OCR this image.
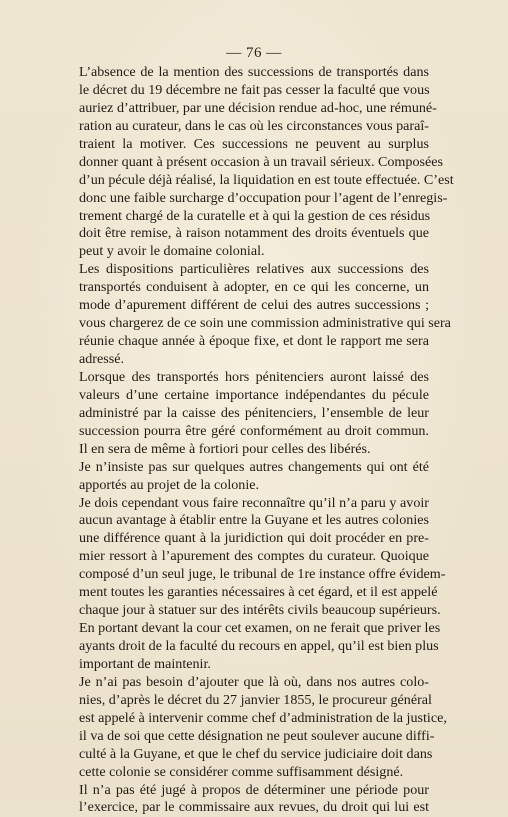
— 76 —
L’absence de la mention des successions de transportés dans
le décret du 19 décembre ne fait pas cesser la faculté que vous
auriez d’attribuer, par une décision rendue ad-hoc, une rémuné-
ration au curateur, dans le cas où les circonstances vous paraî-
traient la motiver. Ces successions ne peuvent au surplus
donner quant à présent occasion à un travail sérieux. Composées
d’un pécule déjà réalisé, la liquidation en est toute effectuée. C’est
donc une faible surcharge d’occupation pour l’agent de l’enregis-
trement chargé de la curatelle et à qui la gestion de ces résidus
doit être remise, à raison notamment des droits éventuels que
peut y avoir le domaine colonial.
Les dispositions particulières relatives aux successions des
transportés conduisent à adopter, en ce qui les concerne, un
mode d’apurement différent de celui des autres successions ;
vous chargerez de ce soin une commission administrative qui sera
réunie chaque année à époque fixe, et dont le rapport me sera
adressé.
Lorsque des transportés hors pénitenciers auront laissé des
valeurs d’une certaine importance indépendantes du pécule
administré par la caisse des pénitenciers, l’ensemble de leur
succession pourra être géré conformément au droit commun.
Il en sera de même à fortiori pour celles des libérés.
Je n’insiste pas sur quelques autres changements qui ont été
apportés au projet de la colonie.
Je dois cependant vous faire reconnaître qu’il n’a paru y avoir
aucun avantage à établir entre la Guyane et les autres colonies
une différence quant à la juridiction qui doit procéder en pre-
mier ressort à l’apurement des comptes du curateur. Quoique
composé d’un seul juge, le tribunal de 1re instance offre évidem-
ment toutes les garanties nécessaires à cet égard, et il est appelé
chaque jour à statuer sur des intérêts civils beaucoup supérieurs.
En portant devant la cour cet examen, on ne ferait que priver les
ayants droit de la faculté du recours en appel, qu’il est bien plus
important de maintenir.
Je n’ai pas besoin d’ajouter que là où, dans nos autres colo-
nies, d’après le décret du 27 janvier 1855, le procureur général
est appelé à intervenir comme chef d’administration de la justice,
il va de soi que cette désignation ne peut soulever aucune diffi-
culté à la Guyane, et que le chef du service judiciaire doit dans
cette colonie se considérer comme suffisamment désigné.
Il n’a pas été jugé à propos de déterminer une période pour
l’exercice, par le commissaire aux revues, du droit qui lui est
